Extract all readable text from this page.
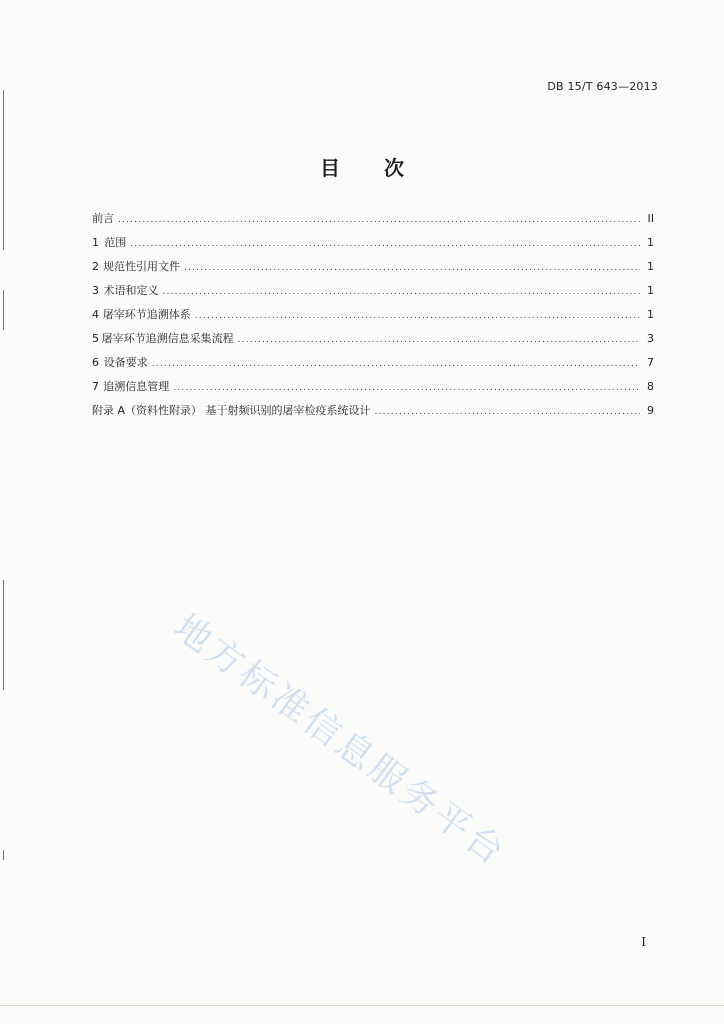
DB 15/T 643—2013
目 次
前言 .....	II
1 范围 .....	1
2 规范性引用文件 .....	1
3 术语和定义 .....	1
4 屠宰环节追溯体系 .....	1
5 屠宰环节追溯信息采集流程 .....	3
6 设备要求 .....	7
7 追溯信息管理 .....	8
附录 A（资料性附录） 基于射频识别的屠宰检疫系统设计 .....	9
地方标准信息服务平台
I
